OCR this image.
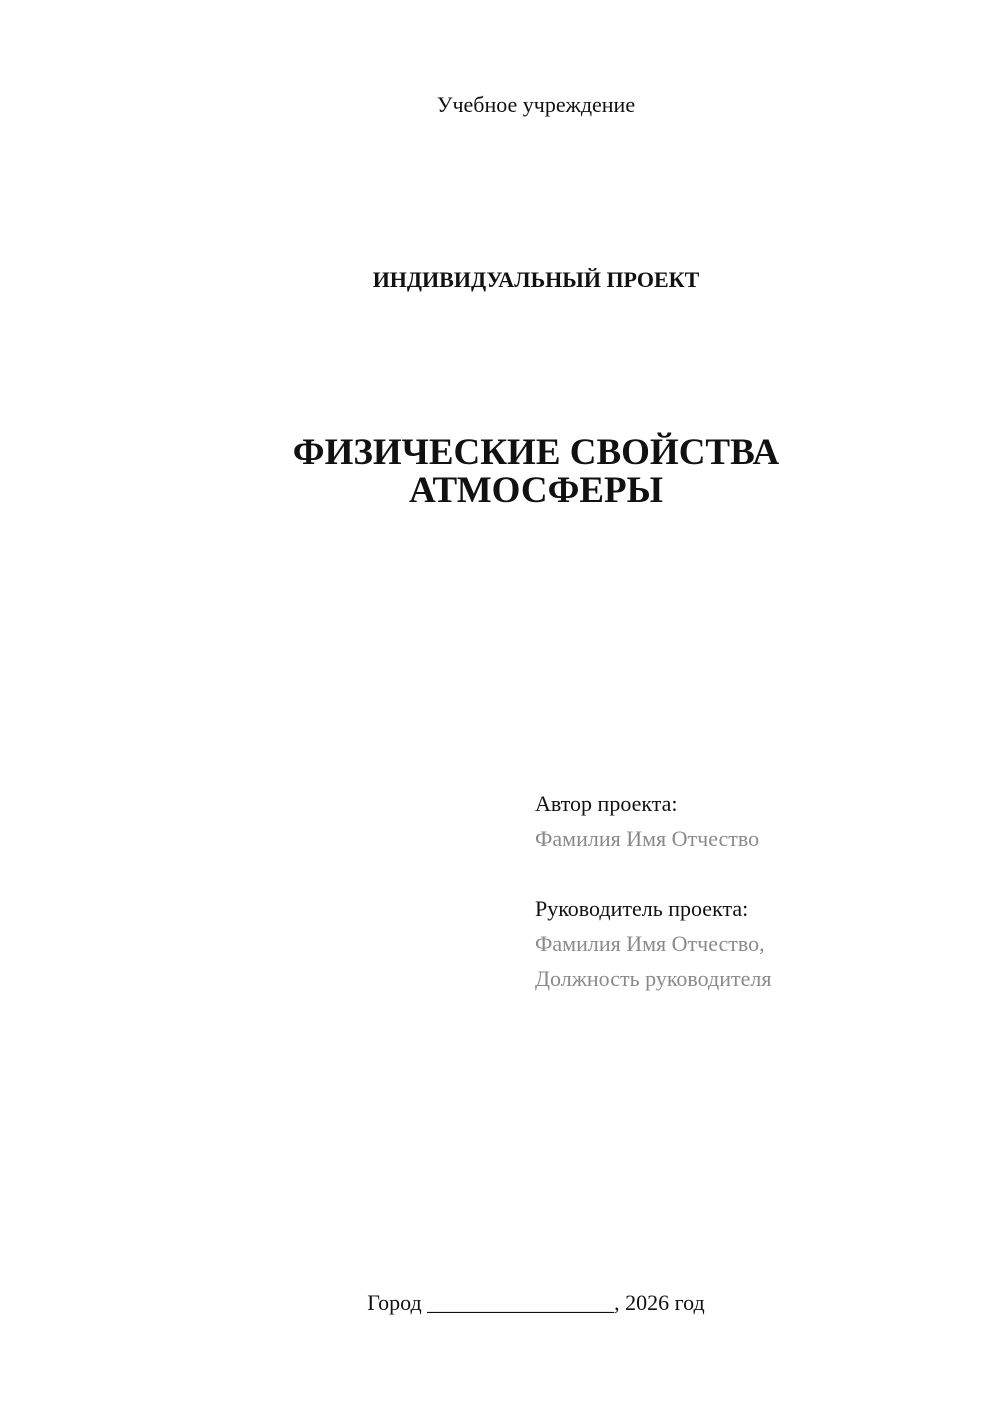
Учебное учреждение
ИНДИВИДУАЛЬНЫЙ ПРОЕКТ
ФИЗИЧЕСКИЕ СВОЙСТВА
АТМОСФЕРЫ
Автор проекта:
Фамилия Имя Отчество
Руководитель проекта:
Фамилия Имя Отчество,
Должность руководителя
Город _________________, 2026 год
